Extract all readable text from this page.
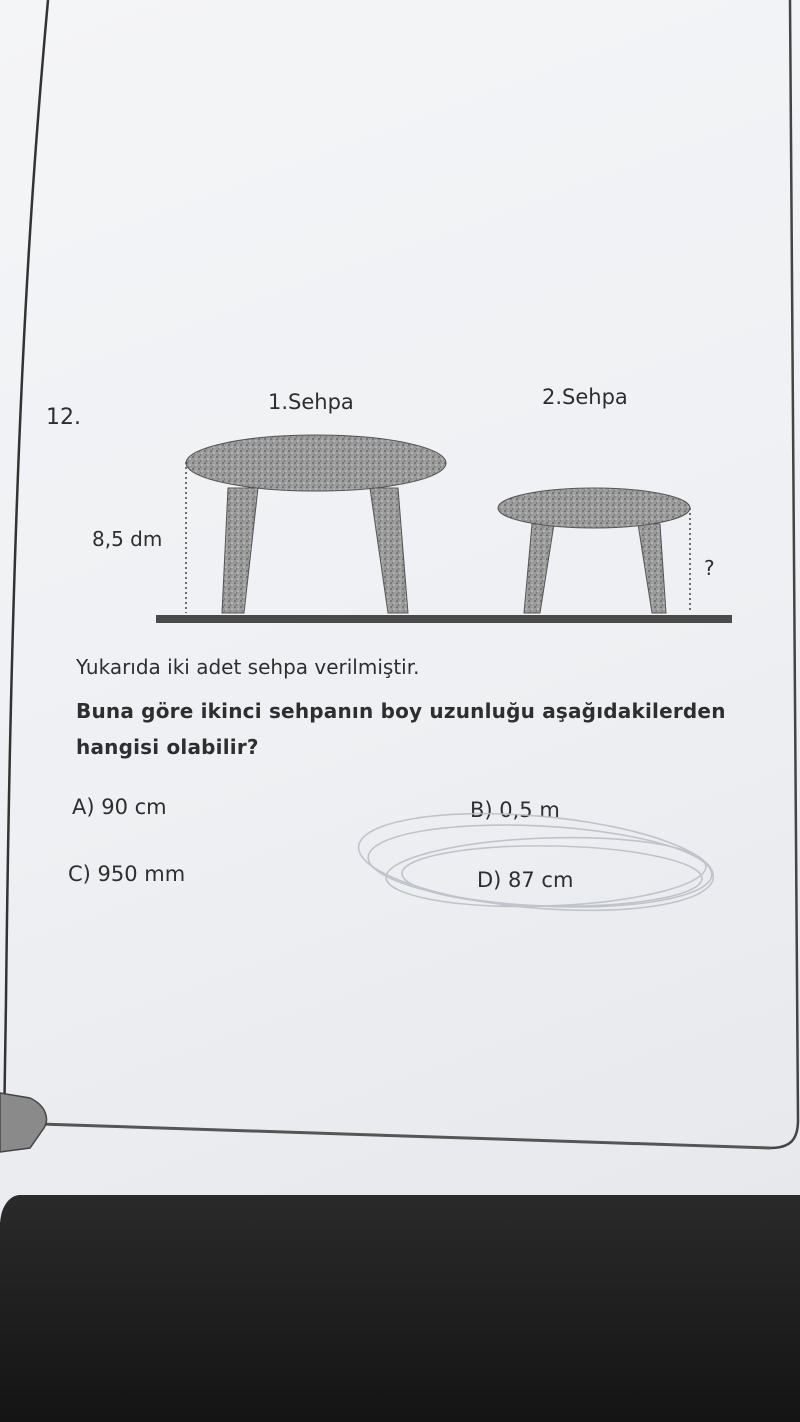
12.
1.Sehpa	2.Sehpa
8,5 dm
?
Yukarıda iki adet sehpa verilmiştir.
Buna göre ikinci sehpanın boy uzunluğu aşağıdakilerden hangisi olabilir?
A) 90 cm	B) 0,5 m
C) 950 mm	D) 87 cm
